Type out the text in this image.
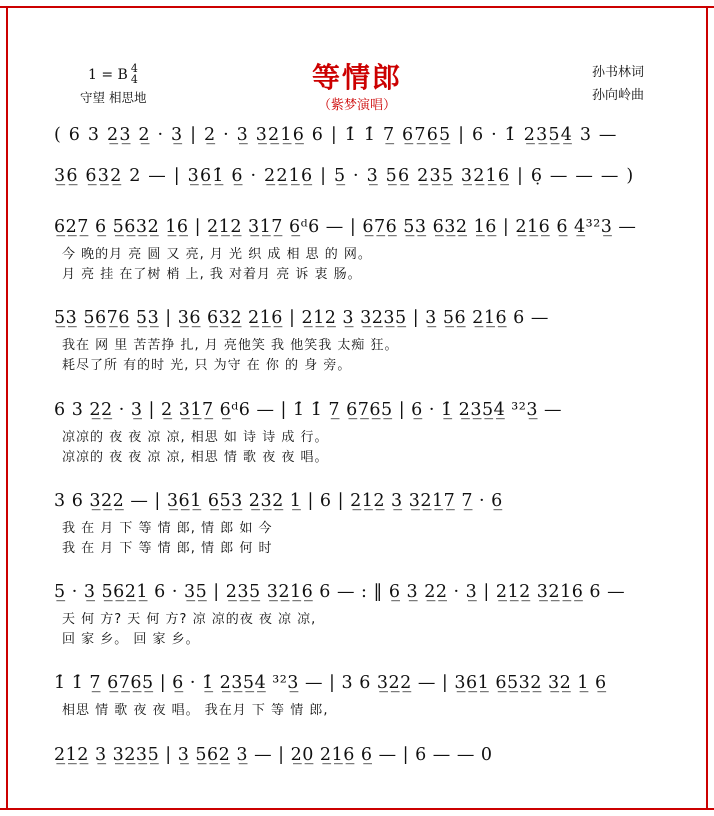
1 = B 4
4
守望 相思地
等情郎
（紫梦演唱）
孙书林词
孙向岭曲
( 6 3 2̲3̲ 2̲ · 3̲ | 2̲ · 3̲ 3̲2̲1̲6̲ 6 | 1̇ 1̇ 7̲ 6̲7̲6̲5̲ | 6 · 1̇ 2̲3̲5̲4̲ 3 —
3̲6̲ 6̲3̲2̲ 2 — | 3̲6̲1̲̇ 6̲ · 2̲2̲1̲6̲ | 5̲ · 3̲ 5̲6̲ 2̲3̲5̲ 3̲2̲1̲6̲ | 6̣ — — — )
6̲2̲7̲ 6̲ 5̲6̲3̲2̲ 1̲6̲ | 2̲1̲2̲ 3̲1̲7̲ 6̲ᵈ6 — | 6̲7̲6̲ 5̲3̲ 6̲3̲2̲ 1̲6̲ | 2̲1̲6̲ 6̲ 4̲³²3̲ —
今 晚的月 亮 圆 又 亮, 月 光 织 成 相 思 的 网。
月 亮 挂 在了树 梢 上, 我 对着月 亮 诉 衷 肠。
5̲3̲ 5̲6̲7̲6̲ 5̲3̲ | 3̲6̲ 6̲3̲2̲ 2̲1̲6̲ | 2̲1̲2̲ 3̲ 3̲2̲3̲5̲ | 3̲ 5̲6̲ 2̲1̲6̲ 6 —
我在 网 里 苦苦挣 扎, 月 亮他笑 我 他笑我 太痴 狂。
耗尽了所 有的时 光, 只 为守 在 你 的 身 旁。
6 3 2̲2̲ · 3̲ | 2̲ 3̲1̲7̲ 6̲ᵈ6 — | 1̇ 1̇ 7̲ 6̲7̲6̲5̲ | 6̲ · 1̲̇ 2̲3̲5̲4̲ ³²3̲ —
凉凉的 夜 夜 凉 凉, 相思 如 诗 诗 成 行。
凉凉的 夜 夜 凉 凉, 相思 情 歌 夜 夜 唱。
3 6 3̲2̲2̲ — | 3̲6̲1̲ 6̲5̲3̲ 2̲3̲2̲ 1̲ | 6 | 2̲1̲2̲ 3̲ 3̲2̲1̲7̲ 7̲ · 6̲
我 在 月 下 等 情 郎, 情 郎 如 今
我 在 月 下 等 情 郎, 情 郎 何 时
5̲ · 3̲ 5̲6̲2̲1̲ 6 · 3̲5̲ | 2̲3̲5̲ 3̲2̲1̲6̲ 6 — : ‖ 6̲ 3̲ 2̲2̲ · 3̲ | 2̲1̲2̲ 3̲2̲1̲6̲ 6 —
天 何 方? 天 何 方? 凉 凉的夜 夜 凉 凉,
回 家 乡。 回 家 乡。
1̇ 1̇ 7̲ 6̲7̲6̲5̲ | 6̲ · 1̲̇ 2̲3̲5̲4̲ ³²3̲ — | 3 6 3̲2̲2̲ — | 3̲6̲1̲ 6̲5̲3̲2̲ 3̲2̲ 1̲ 6̲
相思 情 歌 夜 夜 唱。 我在月 下 等 情 郎,
2̲1̲2̲ 3̲ 3̲2̲3̲5̲ | 3̲ 5̲6̲2̲ 3̲ — | 2̲0̲ 2̲1̲6̲ 6̲ — | 6 — — 0
